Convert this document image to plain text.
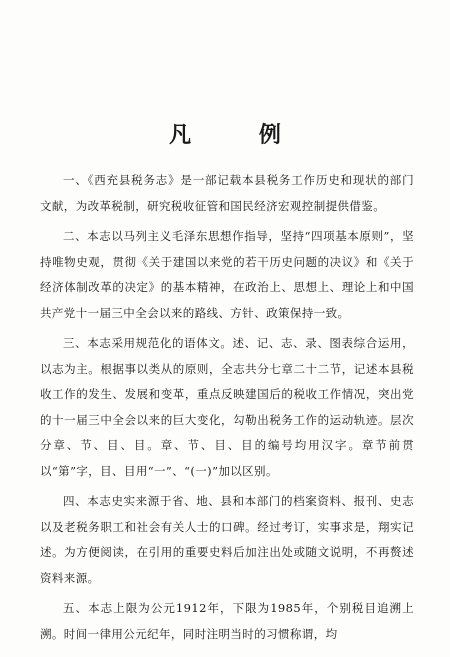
凡 例

一、《西充县税务志》是一部记载本县税务工作历史和现状的部门文献，为改革税制，研究税收征管和国民经济宏观控制提供借鉴。

二、本志以马列主义毛泽东思想作指导，坚持“四项基本原则”，坚持唯物史观，贯彻《关于建国以来党的若干历史问题的决议》和《关于经济体制改革的决定》的基本精神，在政治上、思想上、理论上和中国共产党十一届三中全会以来的路线、方针、政策保持一致。

三、本志采用规范化的语体文。述、记、志、录、图表综合运用，以志为主。根据事以类从的原则，全志共分七章二十二节，记述本县税收工作的发生、发展和变革，重点反映建国后的税收工作情况，突出党的十一届三中全会以来的巨大变化，勾勒出税务工作的运动轨迹。层次分章、节、目、目。章、节、目、目的编号均用汉字。章节前贯以“第”字，目、目用“一”、“(一)”加以区别。

四、本志史实来源于省、地、县和本部门的档案资料、报刊、史志以及老税务职工和社会有关人士的口碑。经过考订，实事求是，翔实记述。为方便阅读，在引用的重要史料后加注出处或随文说明，不再赘述资料来源。

五、本志上限为公元1912年，下限为1985年，个别税目追溯上溯。时间一律用公元纪年，同时注明当时的习惯称谓，均
